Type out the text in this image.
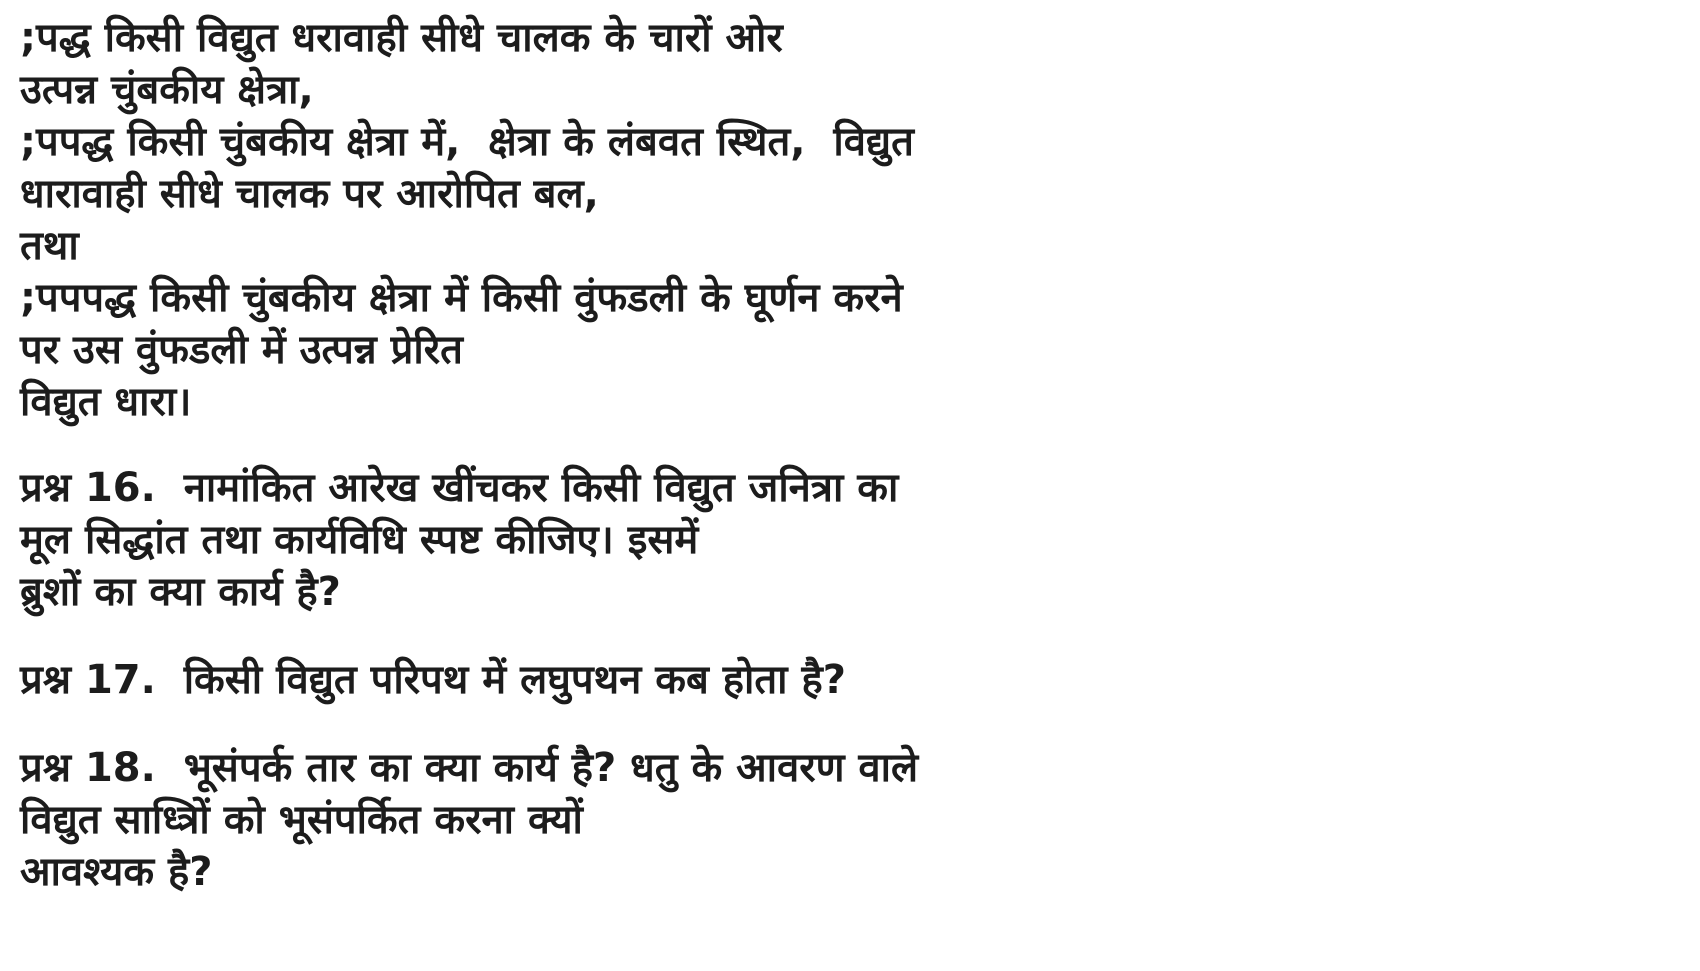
;पद्ध किसी विद्युत धरावाही सीधे चालक के चारों ओर
उत्पन्न चुंबकीय क्षेत्रा,
;पपद्ध किसी चुंबकीय क्षेत्रा में,  क्षेत्रा के लंबवत स्थित,  विद्युत
धारावाही सीधे चालक पर आरोपित बल,
तथा
;पपपद्ध किसी चुंबकीय क्षेत्रा में किसी वुंफडली के घूर्णन करने
पर उस वुंफडली में उत्पन्न प्रेरित
विद्युत धारा।
प्रश्न 16. नामांकित आरेख खींचकर किसी विद्युत जनित्रा का
मूल सिद्धांत तथा कार्यविधि स्पष्ट कीजिए। इसमें
ब्रुशों का क्या कार्य है?
प्रश्न 17. किसी विद्युत परिपथ में लघुपथन कब होता है?
प्रश्न 18. भूसंपर्क तार का क्या कार्य है? धतु के आवरण वाले
विद्युत साध्त्रिों को भूसंपर्कित करना क्यों
आवश्यक है?
